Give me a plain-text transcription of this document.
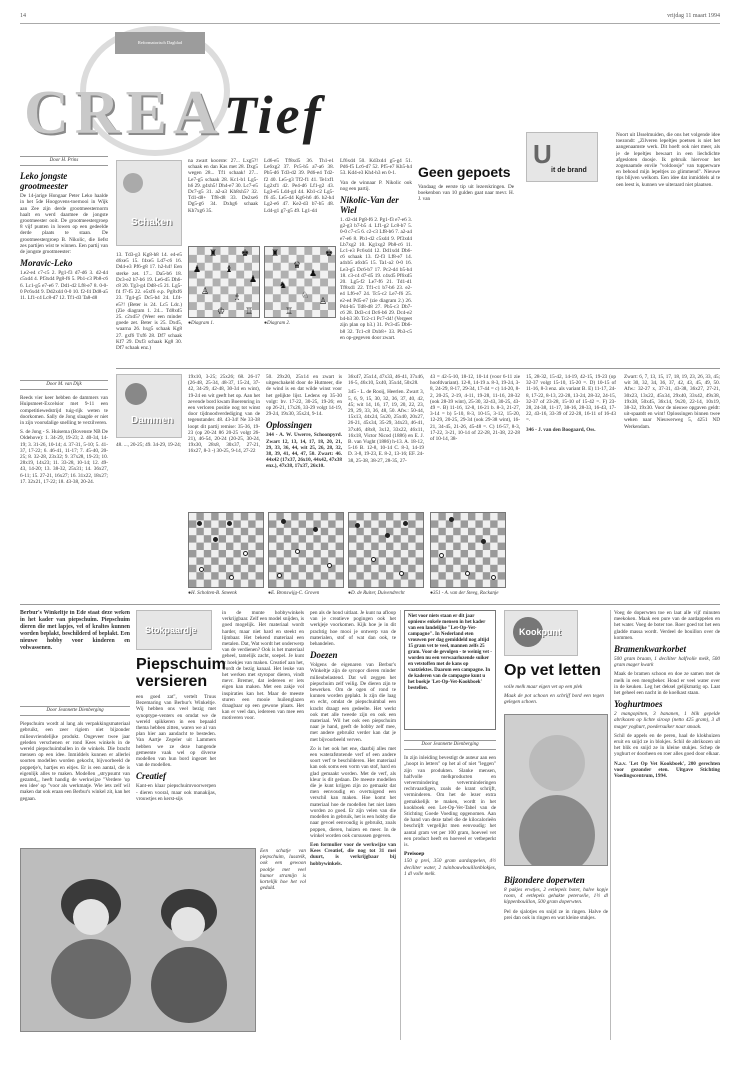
14	vrijdag 11 maart 1994
Reformatorisch Dagblad
CREATief
Door H. Prins
Leko jongste grootmeester

De 14-jarige Hongaar Peter Leko haalde in het 5de Hoogovens-toernooi in Wijk aan Zee zijn derde grootmeesternorm haalt en werd daarmee de jongste grootmeester ooit. De grootmeestergroep 8 vijf punten in lowen op een gedeelde derde plaats te staan. De grootmeestergroep B. Nikolic, die liefst zes partijen wist te winnen. Een partij van de jongste grootmeester:

Moravic-Leko

1.e2-e4 c7-c5 2. Pg1-f3 d7-d6 3. d2-d4 c5xd4 4. Pf3xd4 Pg8-f6 5. Pb1-c3 Pb8-c6 6. Lc1-g5 e7-e6 7. Dd1-d2 Lf8-e7 8. 0-0-0 Pc6xd4 9. Dd2xd4 0-0 10. f2-f4 Dd8-a5 11. Lf1-c4 Lc8-d7 12. Tf1-d3 Ta8-d8

Door M. van Dijk

Reeds vier keer hebben de dammers van Huipsmeet-Excelsior met 9-11 een competitiewedstrijd tuig-rijk weten te doorkomen. Sally de Jong slaagde er niet in zijn voorsdalige snelling te verzilveren.

S. de Jong - S. Huisema (Bovenste NB De Oldehove): 1. 34-29, 19-23; 2. 40-34, 14-19; 3. 31-26, 10-14; 4. 37-31, 5-10; 5. 41-37, 17-22; 6. 46-41, 11-17; 7. 45-40, 20-25; 8. 32-28, 23x32; 9. 37x28, 19-23; 10. 28x19, 14x23; 11. 33-28, 10-14; 12. 49-43, 14-20; 13. 38-32, 25x31; 14. 36x27, 6-11; 15. 27-21, 16x27; 16. 31x22, 18x27; 17. 32x21, 17-22; 18. 43-38, 20-24.

Schaken

13. Td3-g3 Kg8-h8 14. e4-e5 d6xe5 15. f4xe5 Ld7-c6 16. Dd4-e3 Pf6-g8 17. h2-h4! Een sterke zet. 17... Da5-b6 18. Dc3-e2 b7-b6 19. Le6-d5 Dh6-c8 20. Tg3-g4 Dd8-c5 21. Lg5-f4 f7-f5 22. e5xf6 e.p. Pg8xf6 23. Tg4-g5 Dc5-b4 24. Lf4-e5?! (Beter is 24. Lc5 Ldc.) (Zie diagram 1. 24... Td8xd5 25. c2xd5? (Weer een minder goede zet. Beter is 25. Dxd5, waarna 26. hxg5 schaak Kg8 27. gxf6 Txf6 28. Df7 schaak Kf7 29. Dxf3 schaak Kg8 30. Df7 schaak enz.)

na zwart koorste: 27... Lxg5?! schaak en dan Kas met 28. Dxg5 wegen 28... Tf1 schaak! 27... Le7-g5 schaak 28. Kc1-b1 Lg5-h6 29. g4xh5! Dh4-e7 30. Lc7-e5 Dc7-g5 31. a2-a3 Kh8xh5? 32. Td1-d8+ Tf8-d8 33. De2xe6 Dg5-g6 34. Dxhg6 schaak Kh7xg6 35.

Ld6-e5 Tf8xd5 36. Th1-e1 Le6xg2 37. Pc5-b5 a7-a6 38. Pb5-d6 Td3-d2 39. Pd6-e4 Td2-f2 40. Le5-g3 Tf2-f1 41. Te1xf1 Lg2xf1 42. Pe4-d6 Lf1-g2 43. Lg3-e5 Ld4-g4 44. Kb1-c2 Lg5-f6 45. Le5-d4 Kg6-h6 46. h2-h4 Lg2-e6 47. Ke2-d3 b7-b5 48. Ld4-g1 g7-g5 49. Lg1-d4

♜	♚
♟	♝
♟
♙
♗
♔ ♖
● Diagram 1.
♜	♚
♛
♟
♞
♘
♙
♖
● Diagram 2.

Lf6xd4 50. Kd3xd4 g5-g4 51. Pd6-f5 Lc6-d7 52. Pf5-e7 Kh5-h4 53. Kd4-e3 Kh4-h3 en 0-1.

Van de winnaar P. Nikolic ook nog een partij.

Nikolic-Van der Wiel

1. d2-d4 Pg8-f6 2. Pg1-f3 e7-e6 3. g2-g3 b7-b5 4. Lf1-g2 Lc8-b7 5. 0-0 c7-c5 6. c2-c3 Lf8-b6 7. a2-a4 e7-e6 8. Pb1-d2 c5xd4 9. Pf3xd4 Lb7xg2 10. Kg1xg2 Pb8-c6 11. Lc1-e3 Pc6xd4 12. Dd1xd4 Db6-c6 schaak 13. f2-f3 Lf8-e7 14. a4xb5 a6xb5 15. Ta1-a2 0-0 16. Le3-g5 Dc6-b7 17. Pc2-d4 b5-b4 18. c3-c4 d7-d5 19. c4xd5 Pf6xd5 20. Lg5-f2 Le7-f6 21. Td1-d1 Tf8xd1 22. Tf1-c1 b7-b6 23. e2-e4 Lf6-e7 24. Tc5-c2 Le7-f6 25. e2-e4 Pd5-e7 (zie diagram 2.) 26. Pd4-b5 Td8-d8 27. Pb5-c3 Db7-c6 28. Dd3-c4 Dc6-b6 29. Dc4-e2 b4-b3 30. Tc2-c1 Pc7-d4! (Vergeet zijn plan op b3.) 31. Pc3-d5 Db6-b8 32. Tc1-c8 Dxb8+ 33. Pb3-c5 en op-gegeven door zwart.

U
it de brand
Geen gepoets

Vandaag de eerste tip uit lezerskringen. De boekenbon van 10 gulden gaat naar mevr. H. J. van

Noort uit IJsselmuiden, die ons het volgende idee toezondt: „Zilveren lepeltjes poetsen is niet het aangenaamste werk. Dit hoeft ook niet meer, als je de lepeltjes bewaart in een liechdichte afgesloten doosje. Ik gebruik hiervoor het zogenaamde envile "voldoosje" van tupperware en behoud mijn lepeltjes zo glimmend". Nieuwe tips blijven welkom. Een idee dat inmiddels al te oen leest is, kunnen we uiteraard niet plaatsen.

Dammen

48. ..., 20-25; 49. 34-29, 19-24;

19x10, 3-25; 25x26; 68. 26-17 (26-48, 25-34, 48-37, 15-24, 37-42, 34-29, 42-48, 30-34 en wint), 19-24 en wit geeft het op. Aan het zevende bord kwam Boerenring in een verloren positie nog tot winst door tijdnoodverdediging van de tegenstander. 48. 43-34! Ne 33-38 loopt dit partij remise: 35-36, 19-23 (op 20-24 86 20-25 volgt 26-21), 46-54, 20-24 (20-25, 30-24, 19x30, 28x8, 30x37, 27-21, 16x27, 8-3 -) 30-25, 9-14, 27-22

50. 29x20, 25x14 en zwart is uitgeschakeld door de Hutmeer, die de wind is en dat wilde winst voor het gelijkte lijst. Ledens ep 35-30 volgt: bv. 17-22, 30-25, 19-26; en op 26-21, 17x26, 33-29 volgt 14-19, 29-24, 19x30, 35x24, 9-14.

Oplossingen

344 - A. W. Uwerre, Schoonpyrd. Zwart 12, 13, 14, 17, 18, 20, 21, 29, 33, 36, 44, wit 25, 26, 28, 32, 38, 39, 41, 44, 47, 50. Zwart: 46. 44x42 (17x37, 26x10, 44x42, 47x38 enz.), 47x38, 17x37, 26x10.

36x47, 25x14, 47x33, 46-41, 37x46, 16-5, 46x10, 5x40, 35x44, 50x28.

345 - L. de Rooij, Heerlen. Zwart 3, 5, 6, 9, 15, 30, 32, 36, 37, 40, 42, 45; wit 14, 16, 17, 19, 20, 22, 23, 29, 29, 33, 36, 48, 50. Afw.: 50-44, 15x13, 44x24, 5x20, 25x40, 20x27, 26-21, 45x34, 35-29, 34x23, 46-41, 37x46, 48x8, 3x12, 33x22, 46x11, 16x18, Victor Nicod (1886) en E. J. B. van Vught (1886) h-13. A. 18-12, 5-16 B. 12-8, 10-14 C. 8-3, 14-19 D. 3-8, 19-23, E. 8-2, 13-16; EF. 24-38, 25-38, 38-27, 28-35, 27-

43 = 42-5-10, 18-12, 10-14 (voor 6-11 zie hoofdvariant). 12-8, 14-19 a. 8-3, 19-24, 3-8, 24-29, 8-17, 29-34, 17-44 = c) 14-20, 8-2, 20-25, 2-19, 4-11, 19-28, 11-16, 28-32 (ook 28-39 wint), 25-30, 32-43, 30-25, 43-49 =. B) 11-16, 12-8, 16-21 b. 8-3, 21-27, 3-14 = b) 5-10, 8-3, 10-15, 3-12, 15-20, 12-29, 20-25, 29-34 (ook 29-38 wint), 16-21, 34-45, 21-26, 45-48 =. C) 16-57, 8-3, 17-22, 3-21, 10-14 of 22-28, 21-38, 22-28 of 10-14, 38-

15, 28-32, 15-42, 14-19, 42-15, 19-23 (op 32-37 volgt 15-10, 15-20 =. D) 10-15 of 11-16, 8-3 enz. als variant B. E) 11-17, 24-8, 17-22, 8-13, 22-28, 13-24, 28-32, 24-15, 32-37 of 23-28, 15-10 of 15-42 =. F) 23-28, 24-38, 11-17, 38-16, 28-33, 16-43, 17-22, 43-16, 33-39 of 22-28, 16-11 of 16-43 =.

346 - J. van den Boogaard, Oss.

Zwart: 6, 7, 13, 15, 17, 18, 19, 23, 26, 33, 45; wit 30, 32, 34, 36, 37, 42, 43, 45, 49, 50. Afw.: 32-27 x, 37-31, 43-38, 36x27, 27-21, 30x23, 13x22, 45x34, 29x40, 33x42, 49x38, 19x38, 50x45, 36x14, 9x20, 22-14, 10x19, 38-32, 19x30. Voor de nieuwe opgaven geldt: uit-spaatdt en wint! Oplossingen binnen twee weken naar Nieuwerweg 5, 4251 ND Werkendam.

● H. Scholten-B. Smeenk	● E. Bronswijg-C. Groven	● D. de Ruiter, Duivendrecht	● 351 - A. van der Steeg, Rockanje

Berbur's Winkeltje in Ede staat deze weken in het kader van piepschuim. Piepschuim dieren die met lapjes, vel of kraltes kunnen worden beplakt, beschilderd of beplakt. Een nieuwe hobby voor kinderen en volwassenen.

Door Jeannette Dienberging

Piepschuim wordt al lang als verpakkingsmateriaal gebruikt, een zeer rigiem niet bijzonder milieuvriendelijke produkt. Ongeveer twee jaar geleden verschenen er rond Kees winkels in de wereld piepschuimballen in de winkels. Die bracht mensen op een idee. Inmiddels kunnen er allerlei soorten modellen worden gekocht, bijvoorbeeld de poppetje's, hartjes en eitjes. Er is een aantal, die is eigenlijk alles te maken. Modellen „strypsumt van gezamd„, heeft handig de werkwijze "Verdere 'op een idee' op "voor als werkmatje. Wie iets zelf wil maken dat ook eraan een Berbur's winkel zit, kan het gegaan.

Stokpaardje
Piepschuim versieren

een goed zat", vertelt Truus Bezemaring van Berbur's Winkeltje. Wij hebben ons veel bezig met synoptype-venters en omdat we de wereld spikkeren in een bepaald thema hebben zitten, waren we al van plan hier aan aandacht te besteden. Van Aartje Zegeler uit Lammers hebben we ze deze hangende gemeente vaak wel op diverse modellen van hun bord ingezet het van de modellen.

Creatief

Kant-en klaar piepschuimvoorwerpen - dieren vooral, maar ook manakijas, vrouwtjes en kerst-sijs

in de munte hobbywinkels verkrijgbaar. Zelf een model snijden, is goed mogelijk. Het materiaal wordt harder, maar niet hard en steekt en lijmbaar. Het bekend materiaal een metalen. Dat, Wat wordt het onderwerp van de verdienen? Ook is het materiaal geheel, tamelijk zacht, soepel. Je kunt er hoekjes van maken. Creatief aan het, wordt de bezig kanaal. Het leuke van het werken met styropor dieren, vindt mevr. Bremer, dat iedereen er iets eigen kan maken. Met een zakje vol inspiraties kan het. Maar de meeste sturen een mooie huilenglazen draagbaar op een gewone plaats. Het kan er veel dan, iedereen van mee een motiveren voor.

Een schatje van piepschuim, lusstelk, ook een gewoon pooltje met veel humor stramijn is kortelijk hoe het vol geduld.

pen als de hond uitlaat. Je kunt na afloop van je creatieve pogingen ook het werkjeje voorkomen. Kijk hoe je in dit prachtig hoe mooi je ontwerp van de materialen, stof of wat dan ook, te behandelen.

Doezen

Volgens de eigenaren van Berbur's Winkeltje zijn de syropor dieren minder milieubelastend. Dat wil zeggen het piepschuim zelf veilig. De dieren zijn te bewerken. Om de ogen of rond te kunnen worden geplakt. Is zijn die laag en echt, omdat de piepschuimbal een kracht draagt een gedeelte. Het werkt ook met alle tweede zijn en ook een materiaal. Wil het ook een piepschuim naar je hand, geeft de hobby zelf mee, met andere gebruikt verder kan dat je met bijvoorbeeld verven.

Zo is het ook het ene, daarbij alles met een waterafstotende verf of een andere soort verf te beschilderen. Het materiaal kan ook soms een vorm van stof, hard en glad gemaakt worden. Met de verf, als kleur is dit gedaan. De meeste modellen die je kunt krijgen zijn zo gemaakt dat men eenvoudig en overtuigend een verschil kan maken. Hoe komt het materiaal hoe de modellen het niet laten worden zo goed. Er zijn velen van die modellen in gebruik, het is een hobby die naar gevoel eenvoudig is gebruikt, zoals poppen, dieren, huizen en meer. In de winkel worden ook cursussen gegeven.

Een formulier voor de werkwijze van Kees Creatief, die nog tot 31 mei duurt, is verkrijgbaar bij hobbywinkels.

Niet voor niets staan er dit jaar opnieuw enkele mensen in het kader van een landelijke "Let-Op-Vet-campagne". In Nederland eten vrouwen per dag gemiddeld nog altijd 15 gram vet te veel, mannen zelfs 25 gram. Voor de gevolgen - te weinig vet - worden nu een verwaarlozende suiker en vetstoffen met de kans op vaatziektes. Daarom een campagne. In de kaderen van de campagne kunt u het boekje 'Let-Op-Vet-Kookboek' bestellen.
Door Jeannette Dienberging

In zijn inleiding bevestigt de auteur aan een „hoopt in letters" op het al of niet "leggen" zijn van produkten. Slanke mensen, halfvolle melkproducten en vetvermindering vetverminderingen rechtvaardigen, zoals de krant schrijft, verminderen. Om het de lezer extra gemakkelijk te maken, wordt in het kookboek een Let-Op-Vet-Tabel van de Stichting Goede Voeding opgenomen. Aan de hand van deze tabel die de kilocalorieën beschrijft vergelijkt men eenvoudig: het aantal gram vet per 100 gram, hoeveel vet een product heeft en hoeveel er vetbeperkt is.

Preisoep

150 g prei, 350 gram aardappelen, 4½ deciliter water, 2 tuinbouwbouillonblokjes, 1 dl volle melk.

Kookpunt
Op vet letten

volle melk maar eigen vet op een plek

Maak de pot schoon en schrijf bord een tegen gelegen schoen.

Bijzondere doperwten

8 pakjes erwtjes, 2 eetlepels boter, halve kopje room, 4 eetlepels gehakte peterselie, 1½ dl kippenbouillon, 500 gram doperwten.

Pel de sjalotjes en snijd ze in ringen. Halve de prei dan ook in ringen en wat kleine stukjes.

Voeg de doperwten toe en laat alle vijf minuten meekoken. Maak een pure van de aardappelen en het water. Voeg de boter toe. Roer goed tot het een gladde massa wordt. Verdeel de bouillon over de kommen.

Bramenkwarkorbet

500 gram braam, 1 deciliter halfvolle melk, 500 gram mager kwark

Maak de bramen schoon en doe ze samen met de melk in een mengbeker. Houd er veel water over in de keuken. Leg het deksel gelijkmatig op. Laat het geheel een nacht in de koelkast staan.

Yoghurtmoes

2 mangopitten, 3 bananen, 1 blik gepelde abrikozen op lichte siroop (netto 425 gram), 3 dl mager yoghurt, poedersuiker naar smaak.

Schil de appels en de peren, haal de klokhuizen eruit en snijd ze in blokjes. Schil de abrikozen uit het blik en snijd ze in kleine stukjes. Schep de yoghurt er doorheen en roer alles goed door elkaar.

N.a.v. 'Let Op Vet Kookboek', 200 gerechten voor gezonder eten. Uitgave Stichting Voedingscentrum, 1994.
